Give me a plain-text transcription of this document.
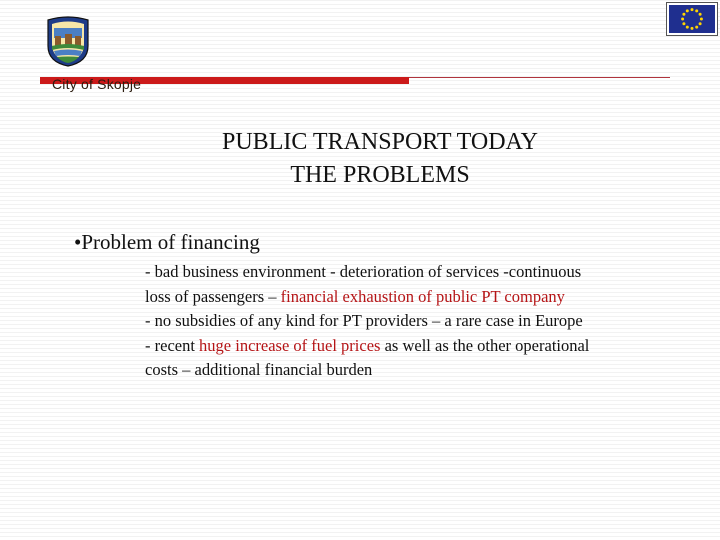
City of Skopje
PUBLIC TRANSPORT TODAY
THE PROBLEMS
•Problem of financing
- bad business environment - deterioration of services -continuous
loss of passengers – financial exhaustion of public PT company
- no subsidies of any kind for PT providers – a rare case in Europe
- recent huge increase of fuel prices as well as the other operational
costs – additional financial burden
